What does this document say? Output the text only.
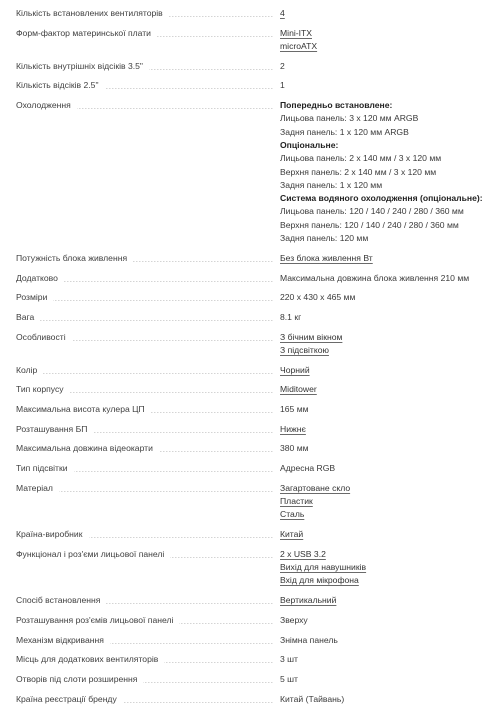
Кількість встановлених вентиляторів	4
Форм-фактор материнської плати	Mini-ITX
microATX
Кількість внутрішніх відсіків 3.5"	2
Кількість відсіків 2.5"	1
Охолодження	Попередньо встановлене:
Лицьова панель: 3 х 120 мм ARGB
Задня панель: 1 х 120 мм ARGB
Опціональне:
Лицьова панель: 2 х 140 мм / 3 х 120 мм
Верхня панель: 2 х 140 мм / 3 х 120 мм
Задня панель: 1 х 120 мм
Система водяного охолодження (опціональне):
Лицьова панель: 120 / 140 / 240 / 280 / 360 мм
Верхня панель: 120 / 140 / 240 / 280 / 360 мм
Задня панель: 120 мм
Потужність блока живлення	Без блока живлення Вт
Додатково	Максимальна довжина блока живлення 210 мм
Розміри	220 х 430 х 465 мм
Вага	8.1 кг
Особливості	З бічним вікном
З підсвіткою
Колір	Чорний
Тип корпусу	Miditower
Максимальна висота кулера ЦП	165 мм
Розташування БП	Нижнє
Максимальна довжина відеокарти	380 мм
Тип підсвітки	Адресна RGB
Матеріал	Загартоване скло
Пластик
Сталь
Країна-виробник	Китай
Функціонал і роз'єми лицьової панелі	2 х USB 3.2
Вихід для навушників
Вхід для мікрофона
Спосіб встановлення	Вертикальний
Розташування роз'ємів лицьової панелі	Зверху
Механізм відкривання	Знімна панель
Місць для додаткових вентиляторів	3 шт
Отворів під слоти розширення	5 шт
Країна реєстрації бренду	Китай (Тайвань)
